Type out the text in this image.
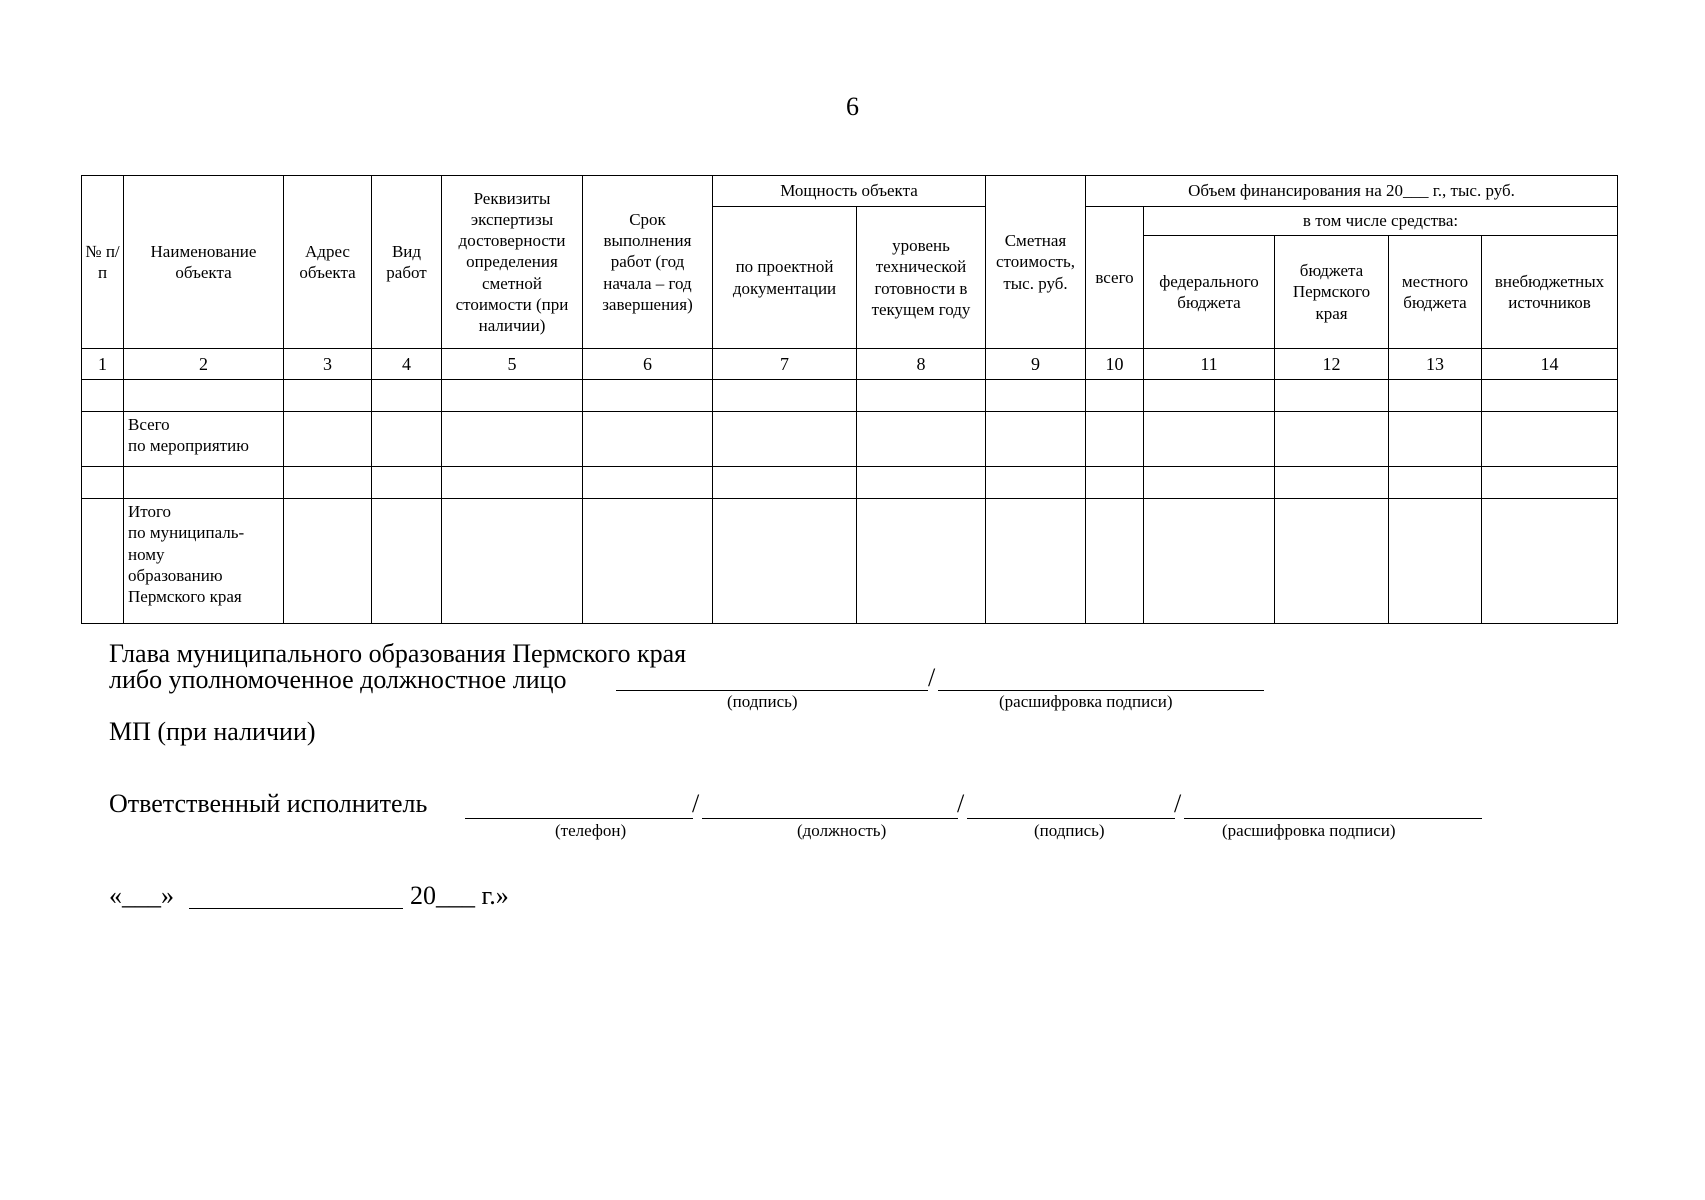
6
№ п/п	Наименование объекта	Адрес объекта	Вид работ	Реквизиты экспертизы достоверности определения сметной стоимости (при наличии)	Срок выполнения работ (год начала – год завершения)	Мощность объекта		Сметная стоимость, тыс. руб.	Объем финансирования на 20___ г., тыс. руб.				
						по проектной документации	уровень технической готовности в текущем году		всего	в том числе средства:			
										федерального бюджета	бюджета Пермского края	местного бюджета	внебюджетных источников
1	2	3	4	5	6	7	8	9	10	11	12	13	14

	Всего
по мероприятию												

	Итого
по муниципаль-
ному
образованию
Пермского края												
Глава муниципального образования Пермского края
либо уполномоченное должностное лицо	/
(подпись)	(расшифровка подписи)
МП (при наличии)
Ответственный исполнитель	/	/	/
(телефон)	(должность)	(подпись)	(расшифровка подписи)
«___»	20___ г.»
